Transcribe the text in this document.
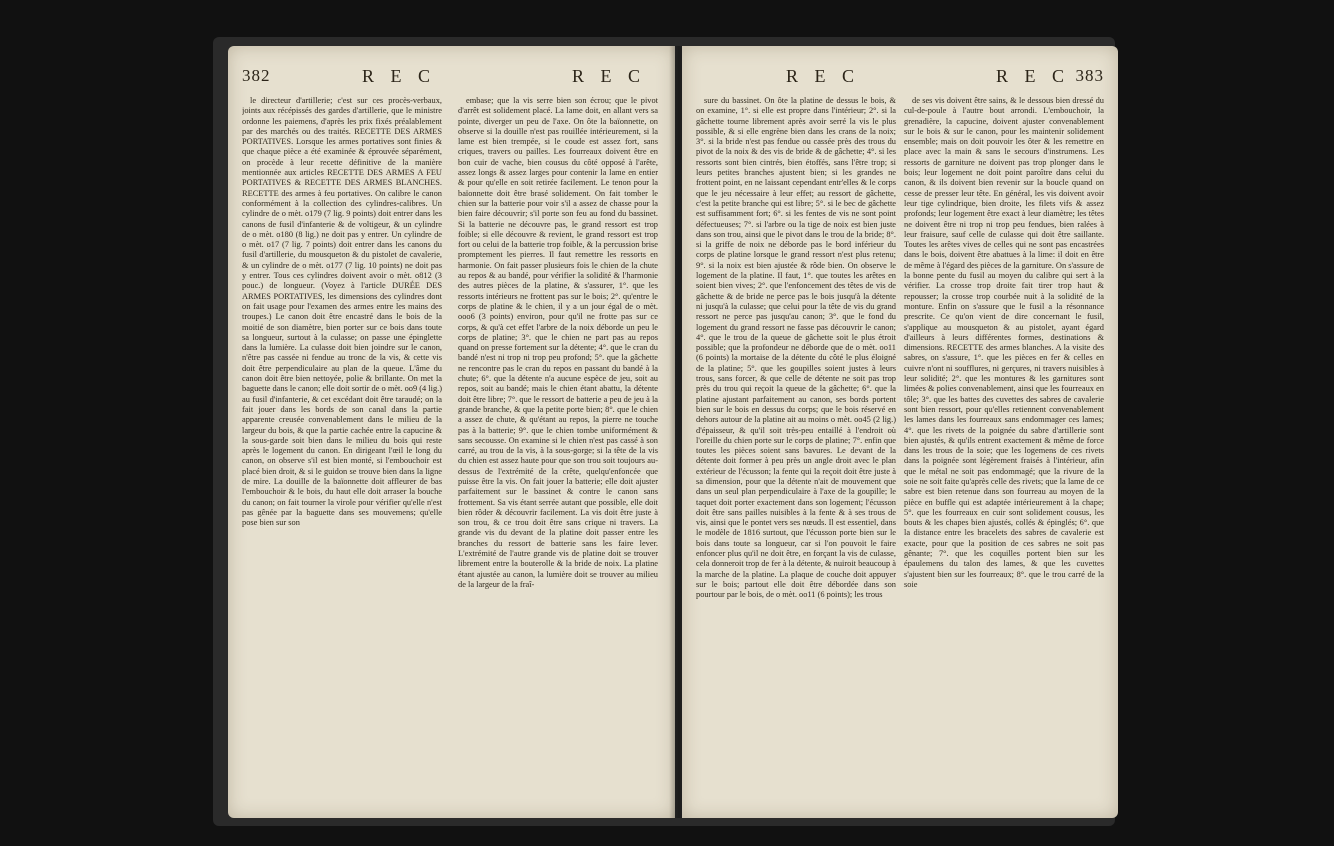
382	R E C	R E C

le directeur d'artillerie; c'est sur ces procès-verbaux, joints aux récépissés des gardes d'artillerie, que le ministre ordonne les paiemens, d'après les prix fixés préalablement par des marchés ou des traités. RECETTE DES ARMES PORTATIVES. Lorsque les armes portatives sont finies & que chaque pièce a été examinée & éprouvée séparément, on procède à leur recette définitive de la manière mentionnée aux articles RECETTE DES ARMES A FEU PORTATIVES & RECETTE DES ARMES BLANCHES. RECETTE des armes à feu portatives. On calibre le canon conformément à la collection des cylindres-calibres. Un cylindre de o mèt. o179 (7 lig. 9 points) doit entrer dans les canons de fusil d'infanterie & de voltigeur, & un cylindre de o mèt. o180 (8 lig.) ne doit pas y entrer. Un cylindre de o mèt. o17 (7 lig. 7 points) doit entrer dans les canons du fusil d'artillerie, du mousqueton & du pistolet de cavalerie, & un cylindre de o mèt. o177 (7 lig. 10 points) ne doit pas y entrer. Tous ces cylindres doivent avoir o mèt. o812 (3 pouc.) de longueur. (Voyez à l'article DURÉE DES ARMES PORTATIVES, les dimensions des cylindres dont on fait usage pour l'examen des armes entre les mains des troupes.) Le canon doit être encastré dans le bois de la moitié de son diamètre, bien porter sur ce bois dans toute sa longueur, surtout à la culasse; on passe une épinglette dans la lumière. La culasse doit bien joindre sur le canon, n'être pas cassée ni fendue au tronc de la vis, & cette vis doit être perpendiculaire au plan de la queue. L'âme du canon doit être bien nettoyée, polie & brillante. On met la baguette dans le canon; elle doit sortir de o mèt. oo9 (4 lig.) au fusil d'infanterie, & cet excédant doit être taraudé; on la fait jouer dans les bords de son canal dans la partie apparente creusée convenablement dans le milieu de la largeur du bois, & que la partie cachée entre la capucine & la sous-garde soit bien dans le milieu du bois qui reste après le logement du canon. En dirigeant l'œil le long du canon, on observe s'il est bien monté, si l'embouchoir est placé bien droit, & si le guidon se trouve bien dans la ligne de mire. La douille de la baïonnette doit affleurer de bas l'embouchoir & le bois, du haut elle doit arraser la bouche du canon; on fait tourner la virole pour vérifier qu'elle n'est pas gênée par la baguette dans ses mouvemens; qu'elle pose bien sur son

embase; que la vis serre bien son écrou; que le pivot d'arrêt est solidement placé. La lame doit, en allant vers sa pointe, diverger un peu de l'axe. On ôte la baïonnette, on observe si la douille n'est pas rouillée intérieurement, si la lame est bien trempée, si le coude est assez fort, sans criques, travers ou pailles. Les fourreaux doivent être en bon cuir de vache, bien cousus du côté opposé à l'arête, assez longs & assez larges pour contenir la lame en entier & pour qu'elle en soit retirée facilement. Le tenon pour la baïonnette doit être brasé solidement. On fait tomber le chien sur la batterie pour voir s'il a assez de chasse pour la bien faire découvrir; s'il porte son feu au fond du bassinet. Si la batterie ne découvre pas, le grand ressort est trop foible; si elle découvre & revient, le grand ressort est trop fort ou celui de la batterie trop foible, & la percussion brise promptement les pierres. Il faut remettre les ressorts en harmonie. On fait passer plusieurs fois le chien de la chute au repos & au bandé, pour vérifier la solidité & l'harmonie des autres pièces de la platine, & s'assurer, 1°. que les ressorts intérieurs ne frottent pas sur le bois; 2°. qu'entre le corps de platine & le chien, il y a un jour égal de o mèt. ooo6 (3 points) environ, pour qu'il ne frotte pas sur ce corps, & qu'à cet effet l'arbre de la noix déborde un peu le corps de platine; 3°. que le chien ne part pas au repos quand on presse fortement sur la détente; 4°. que le cran du bandé n'est ni trop ni trop peu profond; 5°. que la gâchette ne rencontre pas le cran du repos en passant du bandé à la chute; 6°. que la détente n'a aucune espèce de jeu, soit au repos, soit au bandé; mais le chien étant abattu, la détente doit être libre; 7°. que le ressort de batterie a peu de jeu à la grande branche, & que la petite porte bien; 8°. que le chien a assez de chute, & qu'étant au repos, la pierre ne touche pas à la batterie; 9°. que le chien tombe uniformément & sans secousse. On examine si le chien n'est pas cassé à son carré, au trou de la vis, à la sous-gorge; si la tête de la vis du chien est assez haute pour que son trou soit toujours au-dessus de l'extrémité de la crête, quelqu'enfoncée que puisse être la vis. On fait jouer la batterie; elle doit ajuster parfaitement sur le bassinet & contre le canon sans frottement. Sa vis étant serrée autant que possible, elle doit bien rôder & découvrir facilement. La vis doit être juste à son trou, & ce trou doit être sans crique ni travers. La grande vis du devant de la platine doit passer entre les branches du ressort de batterie sans les faire lever. L'extrémité de l'autre grande vis de platine doit se trouver librement entre la bouterolle & la bride de noix. La platine étant ajustée au canon, la lumière doit se trouver au milieu de la largeur de la fraî-

R E C	R E C 383

sure du bassinet. On ôte la platine de dessus le bois, & on examine, 1°. si elle est propre dans l'intérieur; 2°. si la gâchette tourne librement après avoir serré la vis le plus possible, & si elle engrène bien dans les crans de la noix; 3°. si la bride n'est pas fendue ou cassée près des trous du pivot de la noix & des vis de bride & de gâchette; 4°. si les ressorts sont bien cintrés, bien étoffés, sans l'être trop; si leurs petites branches ajustent bien; si les grandes ne frottent point, en ne laissant cependant entr'elles & le corps que le jeu nécessaire à leur effet; au ressort de gâchette, c'est la petite branche qui est libre; 5°. si le bec de gâchette est suffisamment fort; 6°. si les fentes de vis ne sont point défectueuses; 7°. si l'arbre ou la tige de noix est bien juste dans son trou, ainsi que le pivot dans le trou de la bride; 8°. si la griffe de noix ne déborde pas le bord inférieur du corps de platine lorsque le grand ressort n'est plus retenu; 9°. si la noix est bien ajustée & rôde bien. On observe le logement de la platine. Il faut, 1°. que toutes les arêtes en soient bien vives; 2°. que l'enfoncement des têtes de vis de gâchette & de bride ne perce pas le bois jusqu'à la détente ni jusqu'à la culasse; que celui pour la tête de vis du grand ressort ne perce pas jusqu'au canon; 3°. que le fond du logement du grand ressort ne fasse pas découvrir le canon; 4°. que le trou de la queue de gâchette soit le plus étroit possible; que la profondeur ne déborde que de o mèt. oo11 (6 points) la mortaise de la détente du côté le plus éloigné de la platine; 5°. que les goupilles soient justes à leurs trous, sans forcer, & que celle de détente ne soit pas trop près du trou qui reçoit la queue de la gâchette; 6°. que la platine ajustant parfaitement au canon, ses bords portent bien sur le bois en dessus du corps; que le bois réservé en dehors autour de la platine ait au moins o mèt. oo45 (2 lig.) d'épaisseur, & qu'il soit très-peu entaillé à l'endroit où l'oreille du chien porte sur le corps de platine; 7°. enfin que toutes les pièces soient sans bavures. Le devant de la détente doit former à peu près un angle droit avec le plan extérieur de l'écusson; la fente qui la reçoit doit être juste à sa dimension, pour que la détente n'ait de mouvement que dans un seul plan perpendiculaire à l'axe de la goupille; le taquet doit porter exactement dans son logement; l'écusson doit être sans pailles nuisibles à la fente & à ses trous de vis, ainsi que le pontet vers ses nœuds. Il est essentiel, dans le modèle de 1816 surtout, que l'écusson porte bien sur le bois dans toute sa longueur, car si l'on pouvoit le faire enfoncer plus qu'il ne doit être, en forçant la vis de culasse, cela donneroit trop de fer à la détente, & nuiroit beaucoup à la marche de la platine. La plaque de couche doit appuyer sur le bois; partout elle doit être débordée dans son pourtour par le bois, de o mèt. oo11 (6 points); les trous

de ses vis doivent être sains, & le dessous bien dressé du cul-de-poule à l'autre bout arrondi. L'embouchoir, la grenadière, la capucine, doivent ajuster convenablement sur le bois & sur le canon, pour les maintenir solidement ensemble; mais on doit pouvoir les ôter & les remettre en place avec la main & sans le secours d'instrumens. Les ressorts de garniture ne doivent pas trop plonger dans le bois; leur logement ne doit point paroître dans celui du canon, & ils doivent bien revenir sur la boucle quand on cesse de presser leur tête. En général, les vis doivent avoir leur tige cylindrique, bien droite, les filets vifs & assez profonds; leur logement être exact à leur diamètre; les têtes ne doivent être ni trop ni trop peu fendues, bien ralées à leur fraisure, sauf celle de culasse qui doit être saillante. Toutes les arêtes vives de celles qui ne sont pas encastrées dans le bois, doivent être abattues à la lime: il doit en être de même à l'égard des pièces de la garniture. On s'assure de la bonne pente du fusil au moyen du calibre qui sert à la vérifier. La crosse trop droite fait tirer trop haut & repousser; la crosse trop courbée nuit à la solidité de la monture. Enfin on s'assure que le fusil a la résonnance prescrite. Ce qu'on vient de dire concernant le fusil, s'applique au mousqueton & au pistolet, ayant égard d'ailleurs à leurs différentes formes, destinations & dimensions. RECETTE des armes blanches. A la visite des sabres, on s'assure, 1°. que les pièces en fer & celles en cuivre n'ont ni soufflures, ni gerçures, ni travers nuisibles à leur solidité; 2°. que les montures & les garnitures sont limées & polies convenablement, ainsi que les fourreaux en tôle; 3°. que les battes des cuvettes des sabres de cavalerie sont bien ressort, pour qu'elles retiennent convenablement les lames dans les fourreaux sans endommager ces lames; 4°. que les rivets de la poignée du sabre d'artillerie sont bien ajustés, & qu'ils entrent exactement & même de force dans les trous de la soie; que les logemens de ces rivets dans la poignée sont légèrement fraisés à l'intérieur, afin que le métal ne soit pas endommagé; que la rivure de la soie ne soit faite qu'après celle des rivets; que la lame de ce sabre est bien retenue dans son fourreau au moyen de la pièce en buffle qui est adaptée intérieurement à la chape; 5°. que les fourreaux en cuir sont solidement cousus, les bouts & les chapes bien ajustés, collés & épinglés; 6°. que la distance entre les bracelets des sabres de cavalerie est exacte, pour que la position de ces sabres ne soit pas gênante; 7°. que les coquilles portent bien sur les épaulemens du talon des lames, & que les cuvettes s'ajustent bien sur les fourreaux; 8°. que le trou carré de la soie
